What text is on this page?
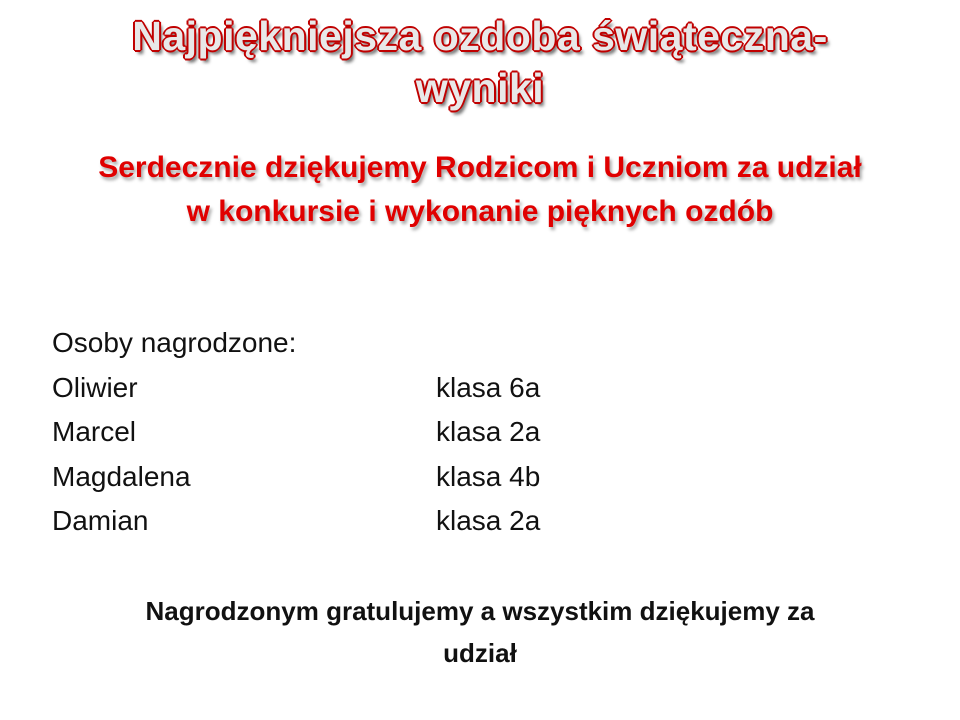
Najpiękniejsza ozdoba świąteczna-
wyniki
Serdecznie dziękujemy Rodzicom i Uczniom za udział
w konkursie i wykonanie pięknych ozdób
Osoby nagrodzone:
Oliwier	klasa 6a
Marcel	klasa 2a
Magdalena	klasa 4b
Damian	klasa 2a
Nagrodzonym gratulujemy a wszystkim dziękujemy za
udział
